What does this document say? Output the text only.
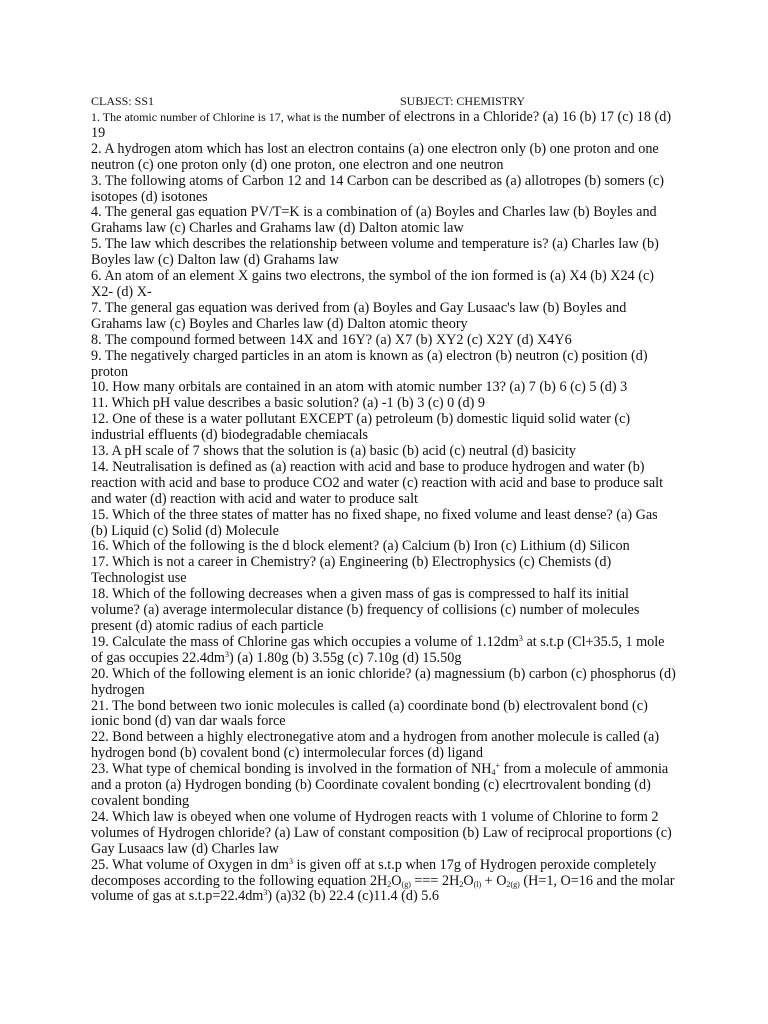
CLASS: SS1	SUBJECT: CHEMISTRY

1. The atomic number of Chlorine is 17, what is the number of electrons in a Chloride? (a) 16 (b) 17 (c) 18 (d) 19

2. A hydrogen atom which has lost an electron contains (a) one electron only (b) one proton and one neutron (c) one proton only (d) one proton, one electron and one neutron

3. The following atoms of Carbon 12 and 14 Carbon can be described as (a) allotropes (b) somers (c) isotopes (d) isotones

4. The general gas equation PV/T=K is a combination of (a) Boyles and Charles law (b) Boyles and Grahams law (c) Charles and Grahams law (d) Dalton atomic law

5. The law which describes the relationship between volume and temperature is? (a) Charles law (b) Boyles law (c) Dalton law (d) Grahams law

6. An atom of an element X gains two electrons, the symbol of the ion formed is (a) X4 (b) X24 (c) X2- (d) X-

7. The general gas equation was derived from (a) Boyles and Gay Lusaac's law (b) Boyles and Grahams law (c) Boyles and Charles law (d) Dalton atomic theory

8. The compound formed between 14X and 16Y? (a) X7 (b) XY2 (c) X2Y (d) X4Y6

9. The negatively charged particles in an atom is known as (a) electron (b) neutron (c) position (d) proton

10. How many orbitals are contained in an atom with atomic number 13? (a) 7 (b) 6 (c) 5 (d) 3

11. Which pH value describes a basic solution? (a) -1 (b) 3 (c) 0 (d) 9

12. One of these is a water pollutant EXCEPT (a) petroleum (b) domestic liquid solid water (c) industrial effluents (d) biodegradable chemiacals

13. A pH scale of 7 shows that the solution is (a) basic (b) acid (c) neutral (d) basicity

14. Neutralisation is defined as (a) reaction with acid and base to produce hydrogen and water (b) reaction with acid and base to produce CO2 and water (c) reaction with acid and base to produce salt and water (d) reaction with acid and water to produce salt

15. Which of the three states of matter has no fixed shape, no fixed volume and least dense? (a) Gas (b) Liquid (c) Solid (d) Molecule

16. Which of the following is the d block element? (a) Calcium (b) Iron (c) Lithium (d) Silicon

17. Which is not a career in Chemistry? (a) Engineering (b) Electrophysics (c) Chemists (d) Technologist use

18. Which of the following decreases when a given mass of gas is compressed to half its initial volume? (a) average intermolecular distance (b) frequency of collisions (c) number of molecules present (d) atomic radius of each particle

19. Calculate the mass of Chlorine gas which occupies a volume of $1.12dm^3$ at s.t.p (Cl+35.5, 1 mole of gas occupies $22.4dm^3$) (a) 1.80g (b) 3.55g (c) 7.10g (d) 15.50g

20. Which of the following element is an ionic chloride? (a) magnessium (b) carbon (c) phosphorus (d) hydrogen

21. The bond between two ionic molecules is called (a) coordinate bond (b) electrovalent bond (c) ionic bond (d) van dar waals force

22. Bond between a highly electronegative atom and a hydrogen from another molecule is called (a) hydrogen bond (b) covalent bond (c) intermolecular forces (d) ligand

23. What type of chemical bonding is involved in the formation of $NH_4^+$ from a molecule of ammonia and a proton (a) Hydrogen bonding (b) Coordinate covalent bonding (c) elecrtrovalent bonding (d) covalent bonding

24. Which law is obeyed when one volume of Hydrogen reacts with 1 volume of Chlorine to form 2 volumes of Hydrogen chloride? (a) Law of constant composition (b) Law of reciprocal proportions (c) Gay Lusaacs law (d) Charles law

25. What volume of Oxygen in $dm^3$ is given off at s.t.p when 17g of Hydrogen peroxide completely decomposes according to the following equation $2H_2O_{(g)}$ === $2H_2O_{(l)} + O_{2(g)}$ (H=1, O=16 and the molar volume of gas at $s.t.p=22.4dm^3$) (a)32 (b) 22.4 (c)11.4 (d) 5.6
